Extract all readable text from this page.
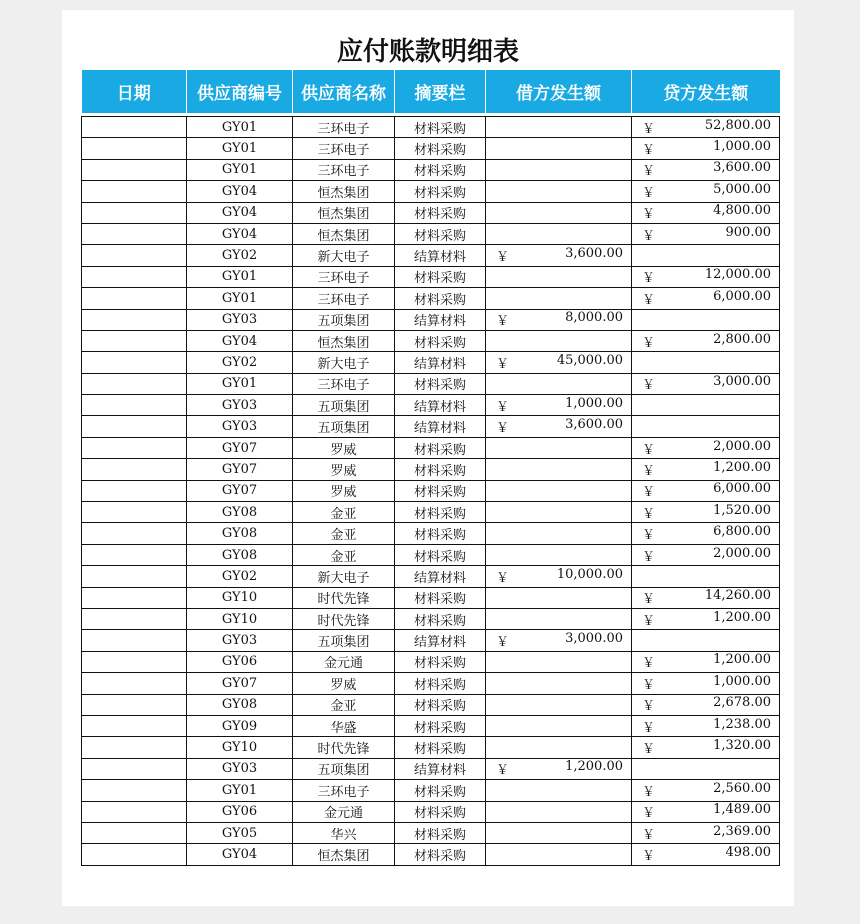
应付账款明细表
日期	供应商编号	供应商名称	摘要栏	借方发生额	贷方发生额

	GY01	三环电子	材料采购		￥ 52,800.00

	GY01	三环电子	材料采购		￥ 1,000.00

	GY01	三环电子	材料采购		￥ 3,600.00

	GY04	恒杰集团	材料采购		￥ 5,000.00

	GY04	恒杰集团	材料采购		￥ 4,800.00

	GY04	恒杰集团	材料采购		￥ 900.00

	GY02	新大电子	结算材料	￥ 3,600.00	

	GY01	三环电子	材料采购		￥ 12,000.00

	GY01	三环电子	材料采购		￥ 6,000.00

	GY03	五项集团	结算材料	￥ 8,000.00	

	GY04	恒杰集团	材料采购		￥ 2,800.00

	GY02	新大电子	结算材料	￥ 45,000.00	

	GY01	三环电子	材料采购		￥ 3,000.00

	GY03	五项集团	结算材料	￥ 1,000.00	

	GY03	五项集团	结算材料	￥ 3,600.00	

	GY07	罗威	材料采购		￥ 2,000.00

	GY07	罗威	材料采购		￥ 1,200.00

	GY07	罗威	材料采购		￥ 6,000.00

	GY08	金亚	材料采购		￥ 1,520.00

	GY08	金亚	材料采购		￥ 6,800.00

	GY08	金亚	材料采购		￥ 2,000.00

	GY02	新大电子	结算材料	￥ 10,000.00	

	GY10	时代先锋	材料采购		￥ 14,260.00

	GY10	时代先锋	材料采购		￥ 1,200.00

	GY03	五项集团	结算材料	￥ 3,000.00	

	GY06	金元通	材料采购		￥ 1,200.00

	GY07	罗威	材料采购		￥ 1,000.00

	GY08	金亚	材料采购		￥ 2,678.00

	GY09	华盛	材料采购		￥ 1,238.00

	GY10	时代先锋	材料采购		￥ 1,320.00

	GY03	五项集团	结算材料	￥ 1,200.00	

	GY01	三环电子	材料采购		￥ 2,560.00

	GY06	金元通	材料采购		￥ 1,489.00

	GY05	华兴	材料采购		￥ 2,369.00

	GY04	恒杰集团	材料采购		￥ 498.00
